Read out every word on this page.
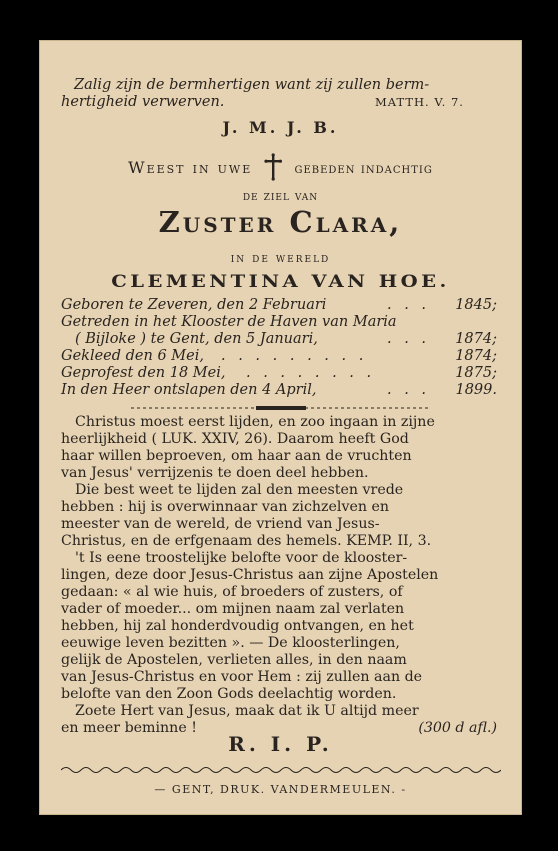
Zalig zijn de bermhertigen want zij zullen berm-
hertigheid verwerven.	MATTH. V. 7.
J. M. J. B.
Weest in uwe	gebeden indachtig
de ziel van
Zuster Clara,
in de wereld
CLEMENTINA VAN HOE.
Geboren te Zeveren, den 2 Februari	. . . 1845;
Getreden in het Klooster de Haven van Maria
( Bijloke ) te Gent, den 5 Januari,	. . . 1874;
Gekleed den 6 Mei, . . . . . . . . .	1874;
Geprofest den 18 Mei, . . . . . . . .	1875;
In den Heer ontslapen den 4 April,	. . . 1899.
Christus moest eerst lijden, en zoo ingaan in zijne
heerlijkheid ( LUK. XXIV, 26). Daarom heeft God
haar willen beproeven, om haar aan de vruchten
van Jesus' verrijzenis te doen deel hebben.
Die best weet te lijden zal den meesten vrede
hebben : hij is overwinnaar van zichzelven en
meester van de wereld, de vriend van Jesus-
Christus, en de erfgenaam des hemels. KEMP. II, 3.
't Is eene troostelijke belofte voor de klooster-
lingen, deze door Jesus-Christus aan zijne Apostelen
gedaan: « al wie huis, of broeders of zusters, of
vader of moeder... om mijnen naam zal verlaten
hebben, hij zal honderdvoudig ontvangen, en het
eeuwige leven bezitten ». — De kloosterlingen,
gelijk de Apostelen, verlieten alles, in den naam
van Jesus-Christus en voor Hem : zij zullen aan de
belofte van den Zoon Gods deelachtig worden.
Zoete Hert van Jesus, maak dat ik U altijd meer
en meer beminne !	(300 d afl.)
R. I. P.
— GENT, DRUK. VANDERMEULEN. -
